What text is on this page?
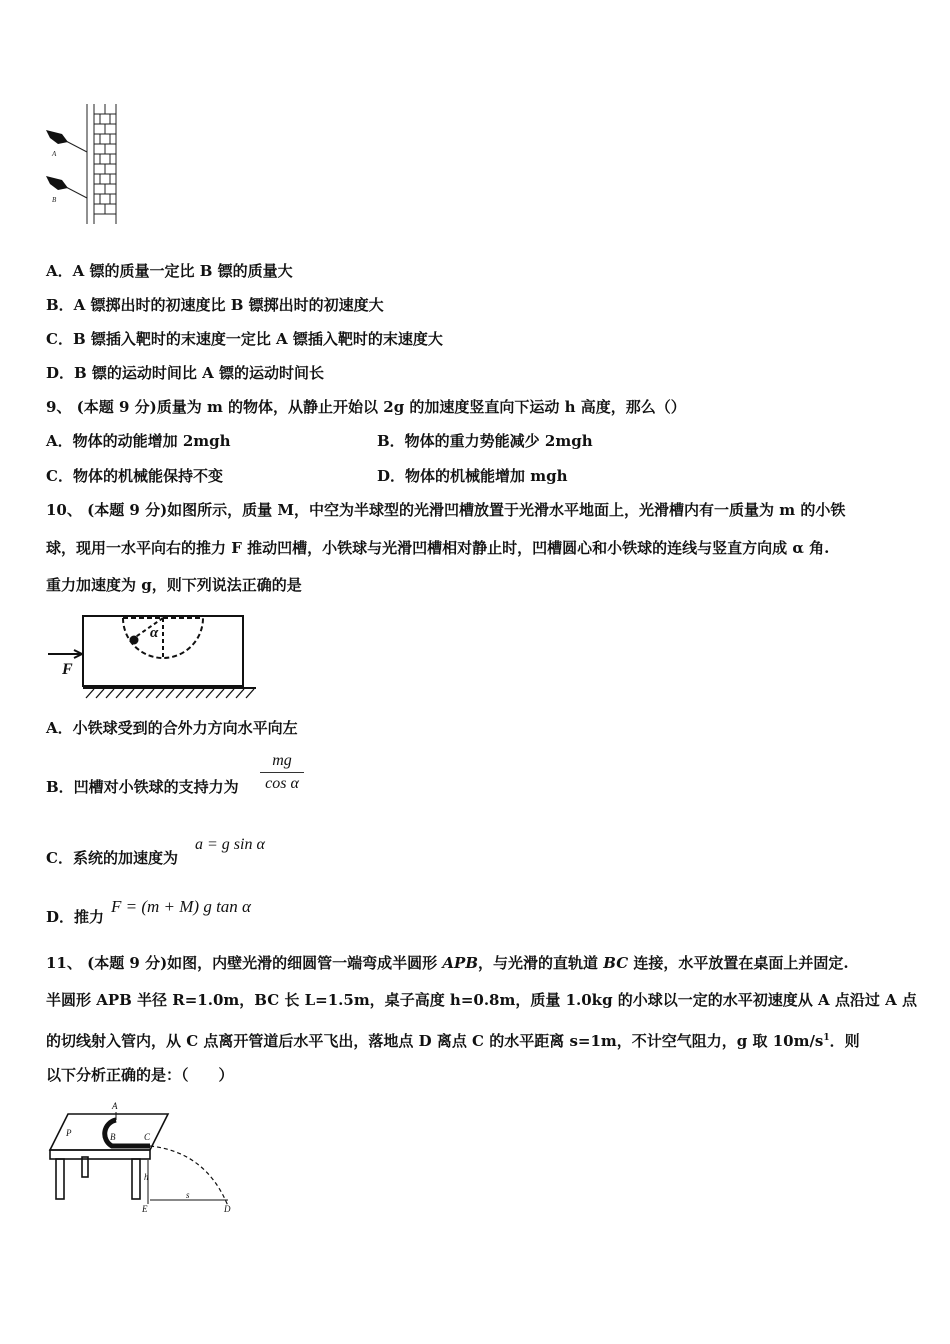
A
B
A．A 镖的质量一定比 B 镖的质量大
B．A 镖掷出时的初速度比 B 镖掷出时的初速度大
C．B 镖插入靶时的末速度一定比 A 镖插入靶时的末速度大
D．B 镖的运动时间比 A 镖的运动时间长
9、 (本题 9 分)质量为 m 的物体，从静止开始以 2g 的加速度竖直向下运动 h 高度，那么（）
A．物体的动能增加 2mgh	B．物体的重力势能减少 2mgh
C．物体的机械能保持不变	D．物体的机械能增加 mgh
10、 (本题 9 分)如图所示，质量 M，中空为半球型的光滑凹槽放置于光滑水平地面上，光滑槽内有一质量为 m 的小铁
球，现用一水平向右的推力 F 推动凹槽，小铁球与光滑凹槽相对静止时，凹槽圆心和小铁球的连线与竖直方向成 α 角.
重力加速度为 g，则下列说法正确的是
F
α
A．小铁球受到的合外力方向水平向左
B．凹槽对小铁球的支持力为 $\frac{mg}{\text{cos α}}$
C．系统的加速度为
a = g sin α
D．推力
F = (m + M) g tan α
11、 (本题 9 分)如图，内壁光滑的细圆管一端弯成半圆形 APB，与光滑的直轨道 BC 连接，水平放置在桌面上并固定.
半圆形 APB 半径 R=1.0m，BC 长 L=1.5m，桌子高度 h=0.8m，质量 1.0kg 的小球以一定的水平初速度从 A 点沿过 A 点
的切线射入管内，从 C 点离开管道后水平飞出，落地点 D 离点 C 的水平距离 s=1m，不计空气阻力，g 取 $10m/s^1$．则
以下分析正确的是：（　　）
P	B	C
A
h
E	D
s
